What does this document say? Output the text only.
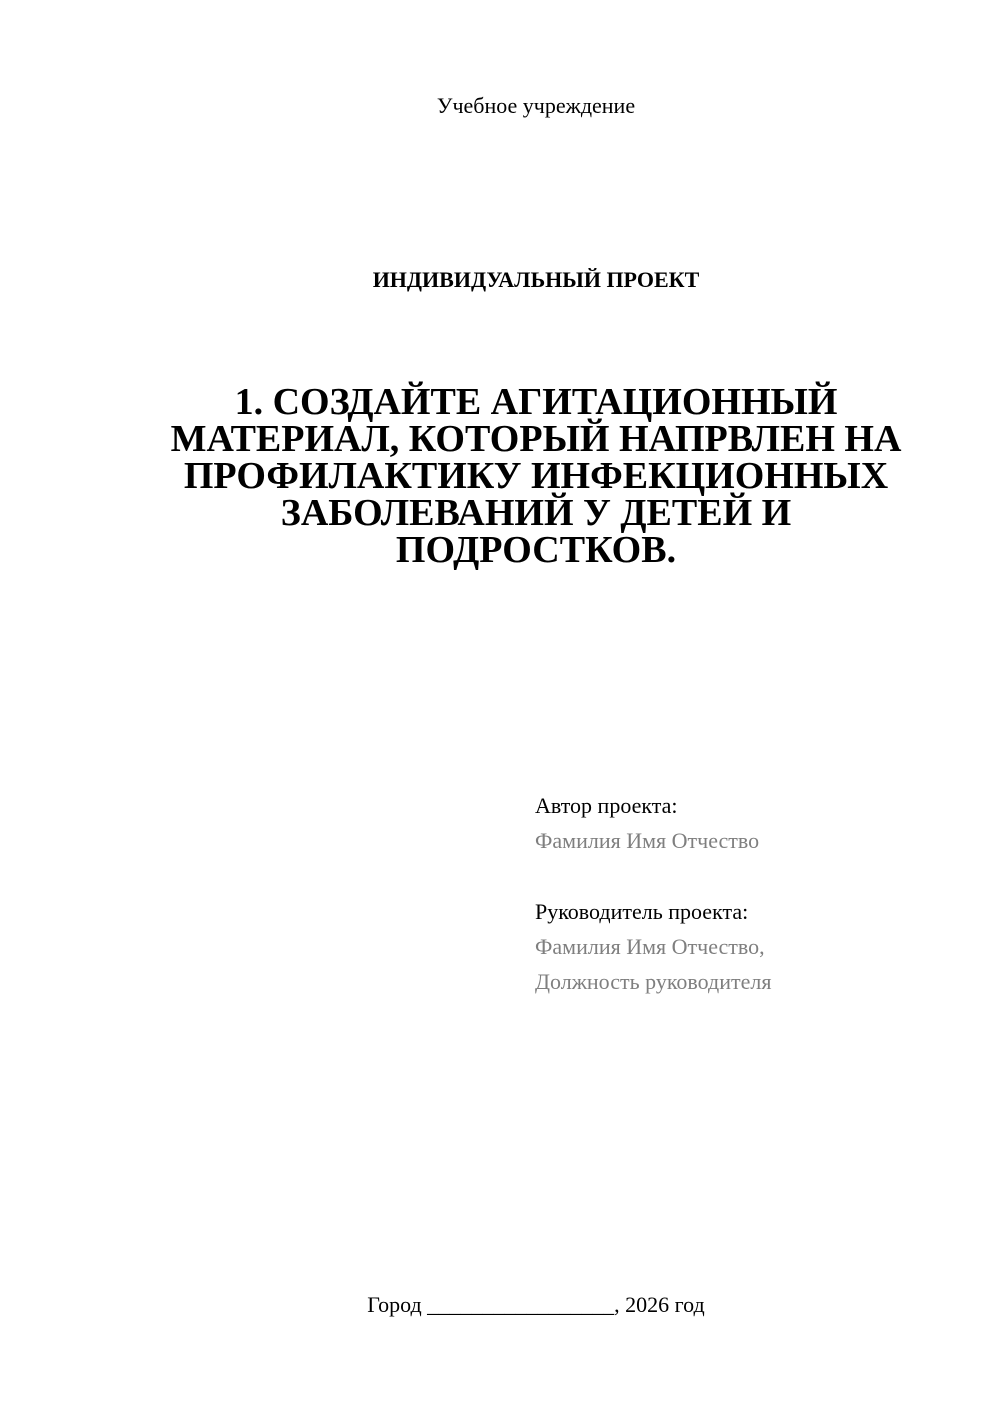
Учебное учреждение
ИНДИВИДУАЛЬНЫЙ ПРОЕКТ
1. СОЗДАЙТЕ АГИТАЦИОННЫЙ
МАТЕРИАЛ, КОТОРЫЙ НАПРВЛЕН НА
ПРОФИЛАКТИКУ ИНФЕКЦИОННЫХ
ЗАБОЛЕВАНИЙ У ДЕТЕЙ И
ПОДРОСТКОВ.
Автор проекта:
Фамилия Имя Отчество
Руководитель проекта:
Фамилия Имя Отчество,
Должность руководителя
Город _________________, 2026 год
